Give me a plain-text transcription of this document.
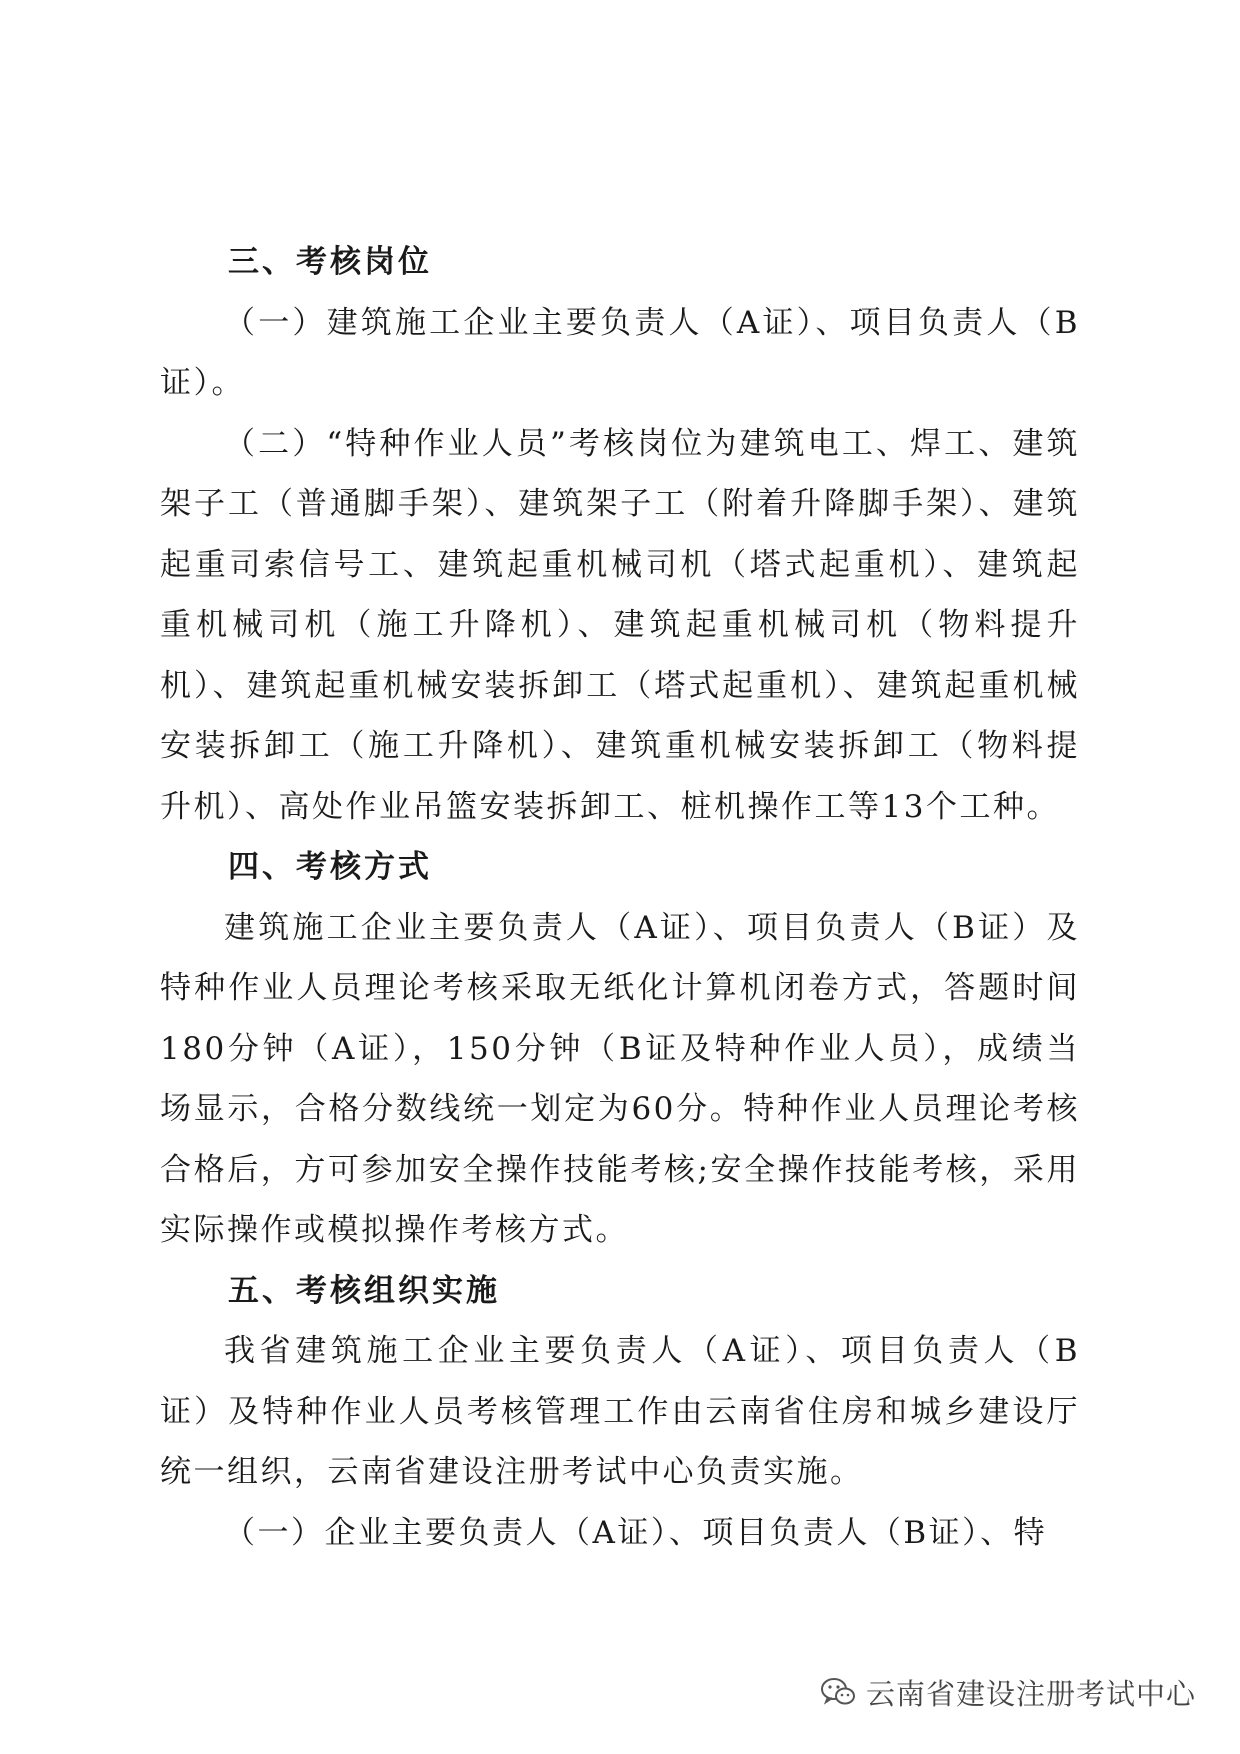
三、考核岗位

（一）建筑施工企业主要负责人（A证）、项目负责人（B证）。

（二）“特种作业人员”考核岗位为建筑电工、焊工、建筑架子工（普通脚手架）、建筑架子工（附着升降脚手架）、建筑起重司索信号工、建筑起重机械司机（塔式起重机）、建筑起重机械司机（施工升降机）、建筑起重机械司机（物料提升机）、建筑起重机械安装拆卸工（塔式起重机）、建筑起重机械安装拆卸工（施工升降机）、建筑重机械安装拆卸工（物料提升机）、高处作业吊篮安装拆卸工、桩机操作工等13个工种。

四、考核方式

建筑施工企业主要负责人（A证）、项目负责人（B证）及特种作业人员理论考核采取无纸化计算机闭卷方式，答题时间180分钟（A证），150分钟（B证及特种作业人员），成绩当场显示，合格分数线统一划定为60分。特种作业人员理论考核合格后，方可参加安全操作技能考核;安全操作技能考核，采用实际操作或模拟操作考核方式。

五、考核组织实施

我省建筑施工企业主要负责人（A证）、项目负责人（B证）及特种作业人员考核管理工作由云南省住房和城乡建设厅统一组织，云南省建设注册考试中心负责实施。

（一）企业主要负责人（A证）、项目负责人（B证）、特

云南省建设注册考试中心
